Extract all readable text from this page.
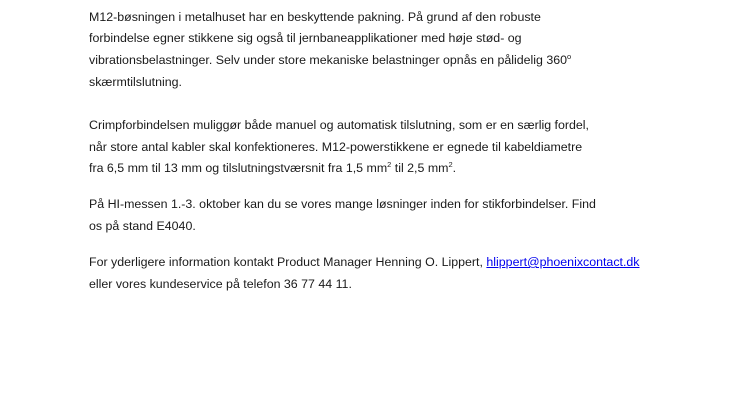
M12-bøsningen i metalhuset har en beskyttende pakning. På grund af den robuste
forbindelse egner stikkene sig også til jernbaneapplikationer med høje stød- og
vibrationsbelastninger. Selv under store mekaniske belastninger opnås en pålidelig 360$^o$
skærmtilslutning.
Crimpforbindelsen muliggør både manuel og automatisk tilslutning, som er en særlig fordel,
når store antal kabler skal konfektioneres. M12-powerstikkene er egnede til kabeldiametre
fra 6,5 mm til 13 mm og tilslutningstværsnit fra 1,5 $mm^2$ til 2,5 $mm^2$.
På HI-messen 1.-3. oktober kan du se vores mange løsninger inden for stikforbindelser. Find
os på stand E4040.
For yderligere information kontakt Product Manager Henning O. Lippert, hlippert@phoenixcontact.dk
eller vores kundeservice på telefon 36 77 44 11.
